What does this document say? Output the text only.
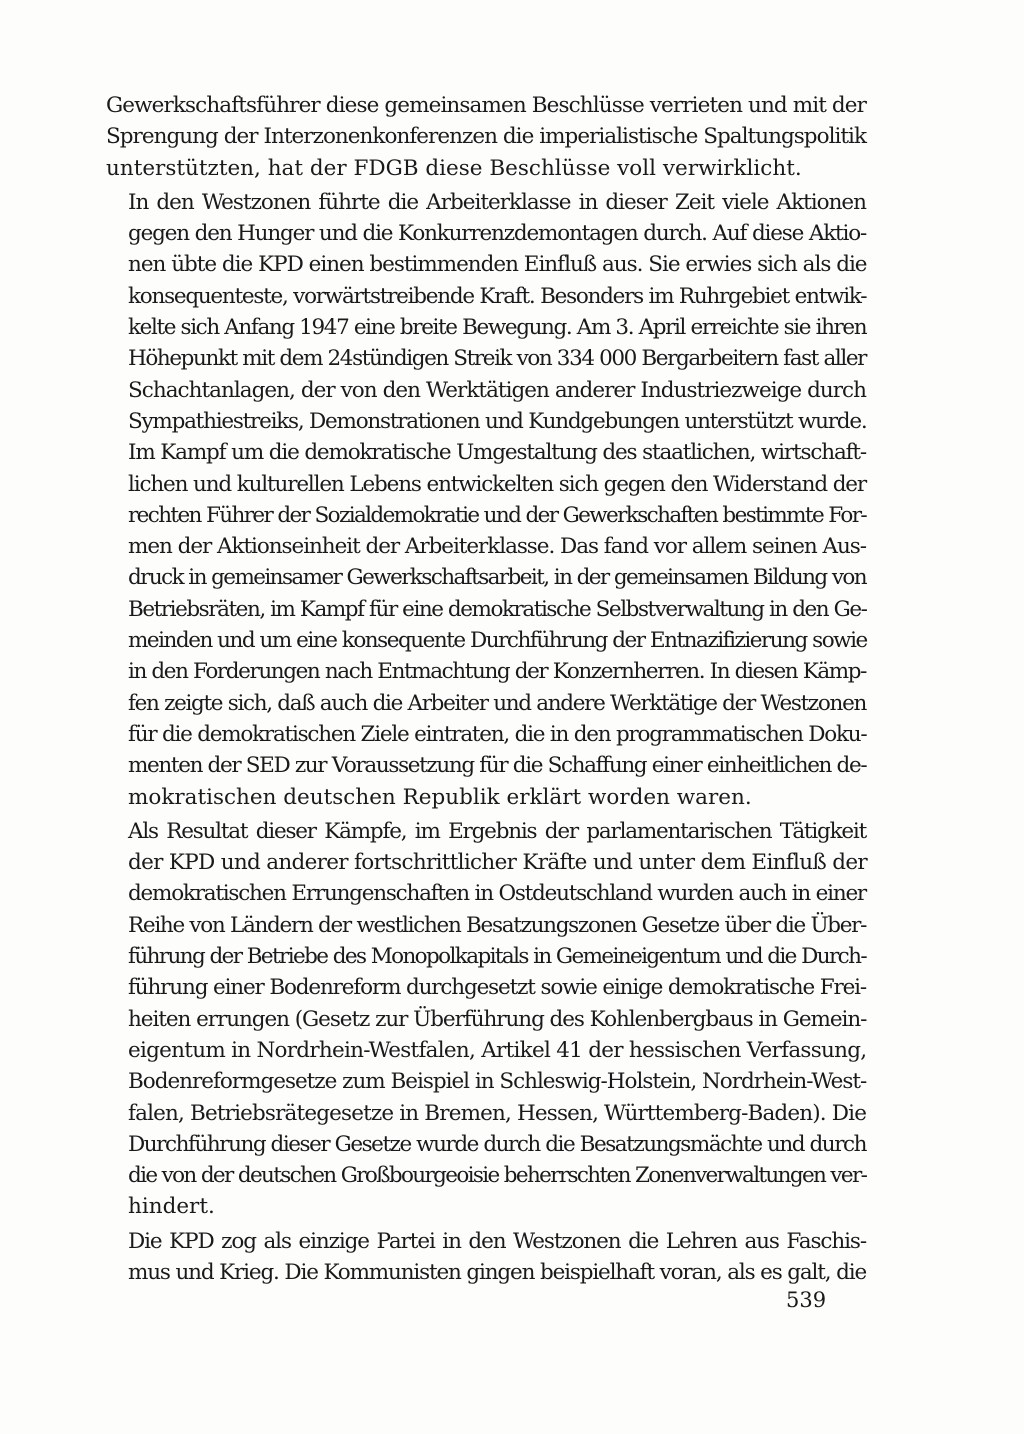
Gewerkschaftsführer diese gemeinsamen Beschlüsse verrieten und mit der
Sprengung der Interzonenkonferenzen die imperialistische Spaltungspolitik
unterstützten, hat der FDGB diese Beschlüsse voll verwirklicht.

In den Westzonen führte die Arbeiterklasse in dieser Zeit viele Aktionen
gegen den Hunger und die Konkurrenzdemontagen durch. Auf diese Aktio-
nen übte die KPD einen bestimmenden Einfluß aus. Sie erwies sich als die
konsequenteste, vorwärtstreibende Kraft. Besonders im Ruhrgebiet entwik-
kelte sich Anfang 1947 eine breite Bewegung. Am 3. April erreichte sie ihren
Höhepunkt mit dem 24stündigen Streik von 334 000 Bergarbeitern fast aller
Schachtanlagen, der von den Werktätigen anderer Industriezweige durch
Sympathiestreiks, Demonstrationen und Kundgebungen unterstützt wurde.
Im Kampf um die demokratische Umgestaltung des staatlichen, wirtschaft-
lichen und kulturellen Lebens entwickelten sich gegen den Widerstand der
rechten Führer der Sozialdemokratie und der Gewerkschaften bestimmte For-
men der Aktionseinheit der Arbeiterklasse. Das fand vor allem seinen Aus-
druck in gemeinsamer Gewerkschaftsarbeit, in der gemeinsamen Bildung von
Betriebsräten, im Kampf für eine demokratische Selbstverwaltung in den Ge-
meinden und um eine konsequente Durchführung der Entnazifizierung sowie
in den Forderungen nach Entmachtung der Konzernherren. In diesen Kämp-
fen zeigte sich, daß auch die Arbeiter und andere Werktätige der Westzonen
für die demokratischen Ziele eintraten, die in den programmatischen Doku-
menten der SED zur Voraussetzung für die Schaffung einer einheitlichen de-
mokratischen deutschen Republik erklärt worden waren.

Als Resultat dieser Kämpfe, im Ergebnis der parlamentarischen Tätigkeit
der KPD und anderer fortschrittlicher Kräfte und unter dem Einfluß der
demokratischen Errungenschaften in Ostdeutschland wurden auch in einer
Reihe von Ländern der westlichen Besatzungszonen Gesetze über die Über-
führung der Betriebe des Monopolkapitals in Gemeineigentum und die Durch-
führung einer Bodenreform durchgesetzt sowie einige demokratische Frei-
heiten errungen (Gesetz zur Überführung des Kohlenbergbaus in Gemein-
eigentum in Nordrhein-Westfalen, Artikel 41 der hessischen Verfassung,
Bodenreformgesetze zum Beispiel in Schleswig-Holstein, Nordrhein-West-
falen, Betriebsrätegesetze in Bremen, Hessen, Württemberg-Baden). Die
Durchführung dieser Gesetze wurde durch die Besatzungsmächte und durch
die von der deutschen Großbourgeoisie beherrschten Zonenverwaltungen ver-
hindert.

Die KPD zog als einzige Partei in den Westzonen die Lehren aus Faschis-
mus und Krieg. Die Kommunisten gingen beispielhaft voran, als es galt, die

539
